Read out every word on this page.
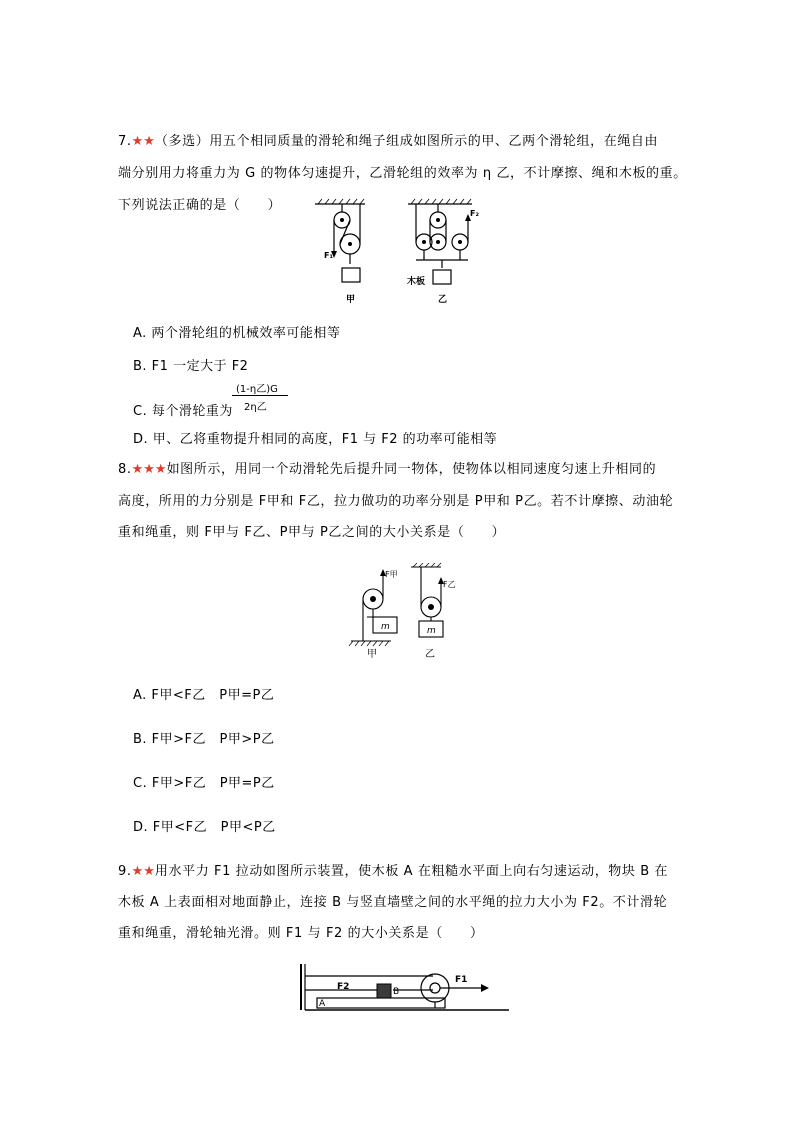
7.★★（多选）用五个相同质量的滑轮和绳子组成如图所示的甲、乙两个滑轮组，在绳自由
端分别用力将重力为 G 的物体匀速提升，乙滑轮组的效率为 η 乙，不计摩擦、绳和木板的重。
下列说法正确的是（　　）
F₁
F₂
木板
甲	乙
A. 两个滑轮组的机械效率可能相等
B. F1 一定大于 F2
C. 每个滑轮重为
(1-η乙)G
2η乙
D. 甲、乙将重物提升相同的高度，F1 与 F2 的功率可能相等
8.★★★如图所示，用同一个动滑轮先后提升同一物体，使物体以相同速度匀速上升相同的
高度，所用的力分别是 F甲和 F乙，拉力做功的功率分别是 P甲和 P乙。若不计摩擦、动油轮
重和绳重，则 F甲与 F乙、P甲与 P乙之间的大小关系是（　　）
m	m
F甲
F乙
甲	乙
A. F甲<F乙　P甲=P乙
B. F甲>F乙　P甲>P乙
C. F甲>F乙　P甲=P乙
D. F甲<F乙　P甲<P乙
9.★★用水平力 F1 拉动如图所示装置，使木板 A 在粗糙水平面上向右匀速运动，物块 B 在
木板 A 上表面相对地面静止，连接 B 与竖直墙壁之间的水平绳的拉力大小为 F2。不计滑轮
重和绳重，滑轮轴光滑。则 F1 与 F2 的大小关系是（　　）
F2	B
A
F1
